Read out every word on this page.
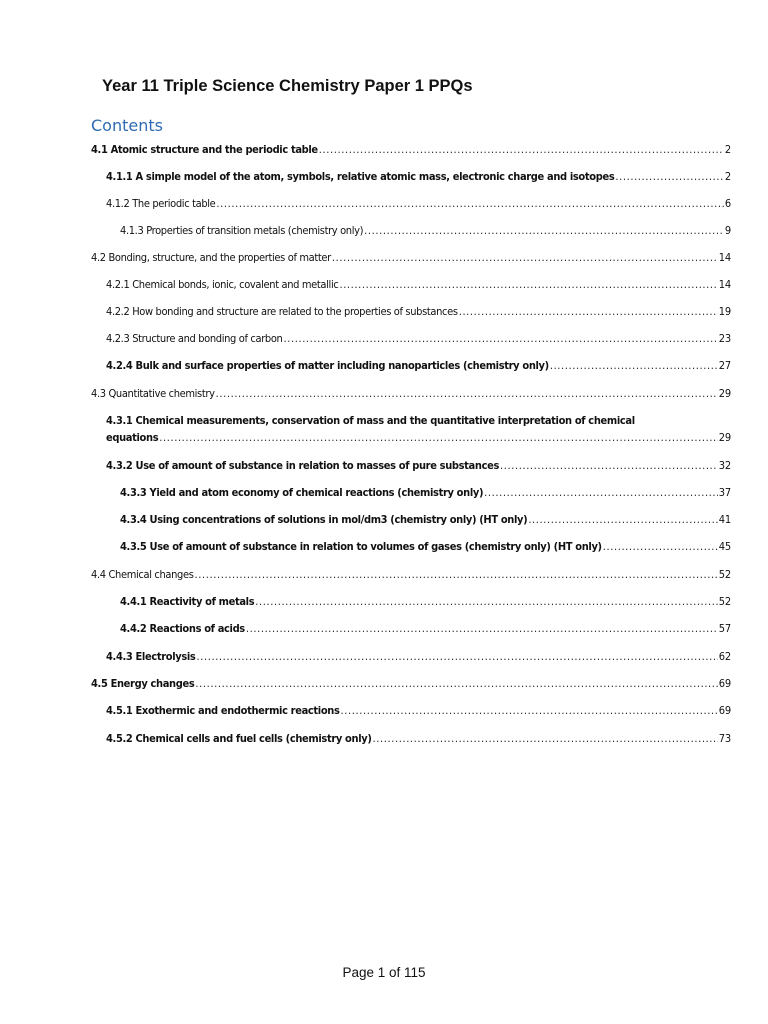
Year 11 Triple Science Chemistry Paper 1 PPQs
Contents
4.1 Atomic structure and the periodic table .....	2
4.1.1 A simple model of the atom, symbols, relative atomic mass, electronic charge and isotopes .....	2
4.1.2 The periodic table .....	6
4.1.3 Properties of transition metals (chemistry only) .....	9
4.2 Bonding, structure, and the properties of matter .....	14
4.2.1 Chemical bonds, ionic, covalent and metallic .....	14
4.2.2 How bonding and structure are related to the properties of substances .....	19
4.2.3 Structure and bonding of carbon .....	23
4.2.4 Bulk and surface properties of matter including nanoparticles (chemistry only) .....	27
4.3 Quantitative chemistry .....	29
4.3.1 Chemical measurements, conservation of mass and the quantitative interpretation of chemical
equations .....	29
4.3.2 Use of amount of substance in relation to masses of pure substances .....	32
4.3.3 Yield and atom economy of chemical reactions (chemistry only) .....	37
4.3.4 Using concentrations of solutions in mol/dm3 (chemistry only) (HT only) .....	41
4.3.5 Use of amount of substance in relation to volumes of gases (chemistry only) (HT only) .....	45
4.4 Chemical changes .....	52
4.4.1 Reactivity of metals .....	52
4.4.2 Reactions of acids .....	57
4.4.3 Electrolysis .....	62
4.5 Energy changes .....	69
4.5.1 Exothermic and endothermic reactions .....	69
4.5.2 Chemical cells and fuel cells (chemistry only) .....	73
Page 1 of 115
